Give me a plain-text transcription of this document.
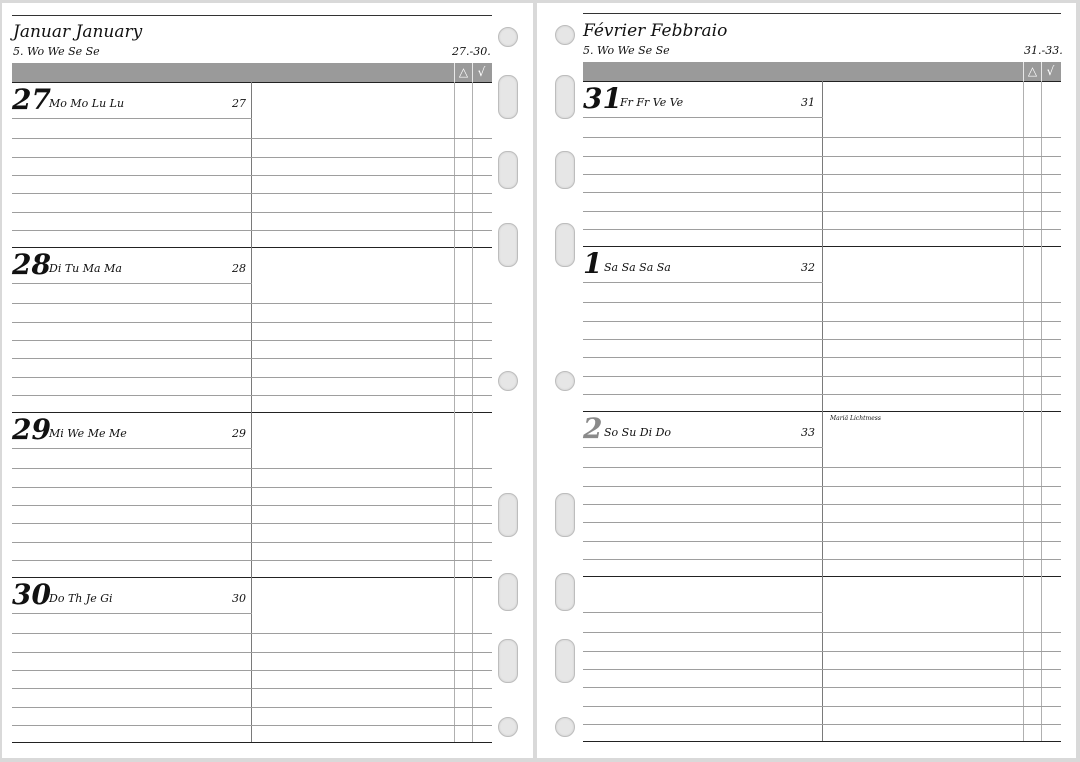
Januar January
5. Wo We Se Se	27.-30.
△ √
27
Mo Mo Lu Lu	27
28
Di Tu Ma Ma	28
29
Mi We Me Me	29
30
Do Th Je Gi	30
Février Febbraio
5. Wo We Se Se	31.-33.
△ √
31
Fr Fr Ve Ve	31
1 Sa Sa Sa Sa	32
2 So Su Di Do	33
Mariä Lichtmess
